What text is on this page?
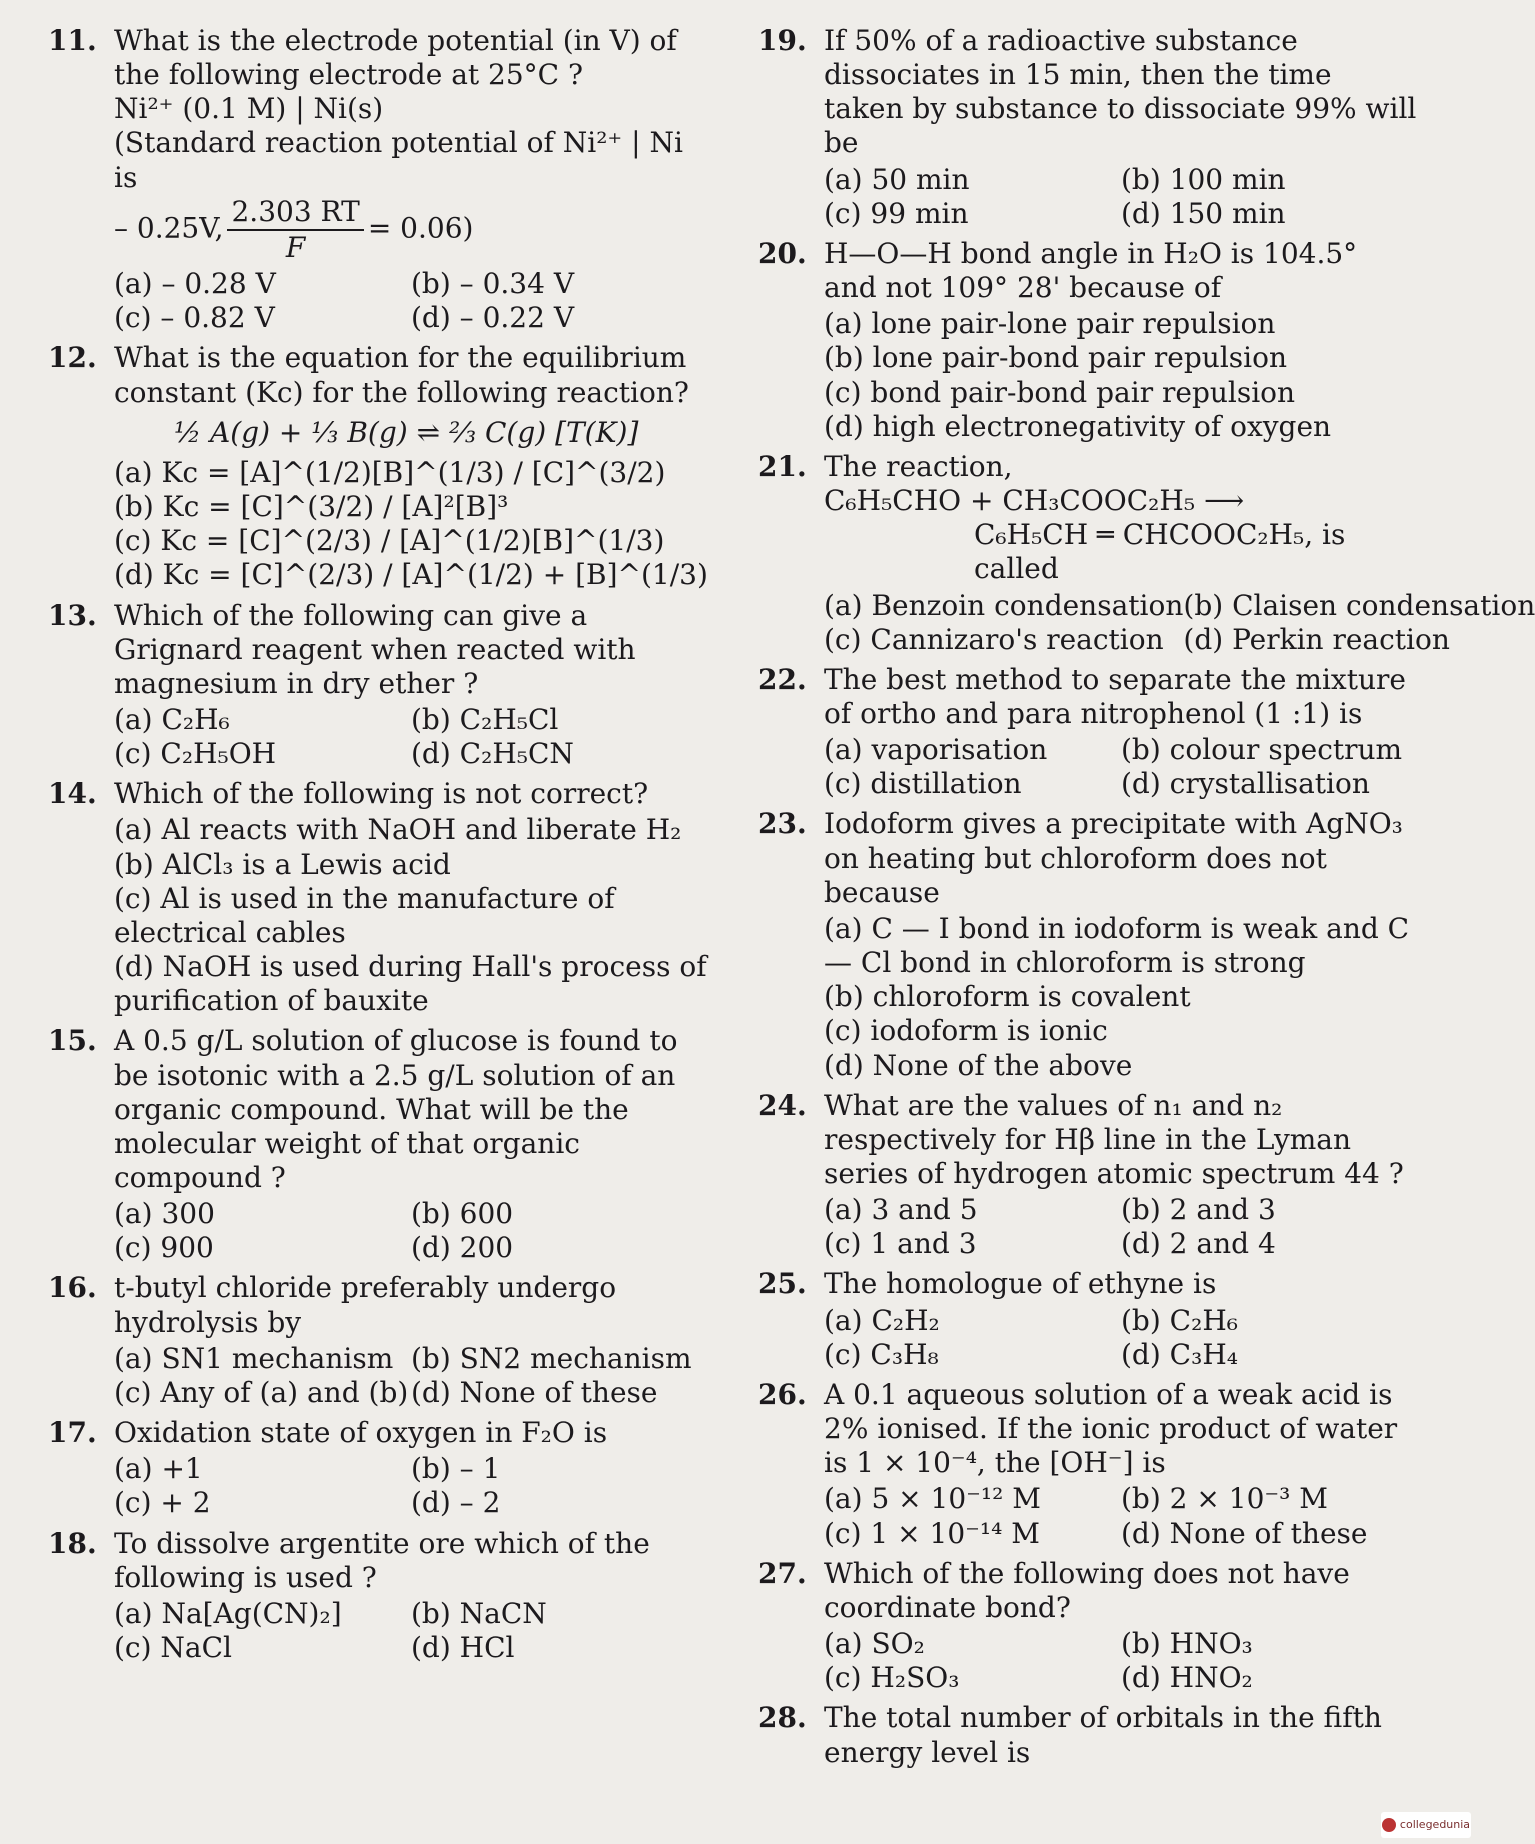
11. What is the electrode potential (in V) of the following electrode at 25°C ?
Ni²⁺ (0.1 M) | Ni(s)
(Standard reaction potential of Ni²⁺ | Ni is
– 0.25V, $\frac{2.303 RT}{F} = 0.06$)
(a) – 0.28 V	(b) – 0.34 V
(c) – 0.82 V	(d) – 0.22 V
12. What is the equation for the equilibrium constant (Kc) for the following reaction?
½ A(g) + ⅓ B(g) ⇌ ⅔ C(g) [T(K)]
(a) Kc = [A]^(1/2)[B]^(1/3) / [C]^(3/2)
(b) Kc = [C]^(3/2) / [A]²[B]³
(c) Kc = [C]^(2/3) / [A]^(1/2)[B]^(1/3)
(d) Kc = [C]^(2/3) / [A]^(1/2) + [B]^(1/3)
13. Which of the following can give a Grignard reagent when reacted with magnesium in dry ether ?
(a) C₂H₆	(b) C₂H₅Cl
(c) C₂H₅OH	(d) C₂H₅CN
14. Which of the following is not correct?
(a) Al reacts with NaOH and liberate H₂
(b) AlCl₃ is a Lewis acid
(c) Al is used in the manufacture of electrical cables
(d) NaOH is used during Hall's process of purification of bauxite
15. A 0.5 g/L solution of glucose is found to be isotonic with a 2.5 g/L solution of an organic compound. What will be the molecular weight of that organic compound ?
(a) 300	(b) 600
(c) 900	(d) 200
16. t-butyl chloride preferably undergo hydrolysis by
(a) SN1 mechanism (b) SN2 mechanism
(c) Any of (a) and (b) (d) None of these
17. Oxidation state of oxygen in F₂O is
(a) +1	(b) – 1
(c) + 2	(d) – 2
18. To dissolve argentite ore which of the following is used ?
(a) Na[Ag(CN)₂]	(b) NaCN
(c) NaCl	(d) HCl
19. If 50% of a radioactive substance dissociates in 15 min, then the time taken by substance to dissociate 99% will be
(a) 50 min	(b) 100 min
(c) 99 min	(d) 150 min
20. H—O—H bond angle in H₂O is 104.5° and not 109° 28' because of
(a) lone pair-lone pair repulsion
(b) lone pair-bond pair repulsion
(c) bond pair-bond pair repulsion
(d) high electronegativity of oxygen
21. The reaction,
C₆H₅CHO + CH₃COOC₂H₅ ⟶
C₆H₅CH ═ CHCOOC₂H₅, is called
(a) Benzoin condensation (b) Claisen condensation
(c) Cannizaro's reaction (d) Perkin reaction
22. The best method to separate the mixture of ortho and para nitrophenol (1 :1) is
(a) vaporisation	(b) colour spectrum
(c) distillation	(d) crystallisation
23. Iodoform gives a precipitate with AgNO₃ on heating but chloroform does not because
(a) C — I bond in iodoform is weak and C — Cl bond in chloroform is strong
(b) chloroform is covalent
(c) iodoform is ionic
(d) None of the above
24. What are the values of n₁ and n₂ respectively for Hβ line in the Lyman series of hydrogen atomic spectrum 44 ?
(a) 3 and 5	(b) 2 and 3
(c) 1 and 3	(d) 2 and 4
25. The homologue of ethyne is
(a) C₂H₂	(b) C₂H₆
(c) C₃H₈	(d) C₃H₄
26. A 0.1 aqueous solution of a weak acid is 2% ionised. If the ionic product of water is 1 × 10⁻⁴, the [OH⁻] is
(a) 5 × 10⁻¹² M	(b) 2 × 10⁻³ M
(c) 1 × 10⁻¹⁴ M	(d) None of these
27. Which of the following does not have coordinate bond?
(a) SO₂	(b) HNO₃
(c) H₂SO₃	(d) HNO₂
28. The total number of orbitals in the fifth energy level is
collegedunia
